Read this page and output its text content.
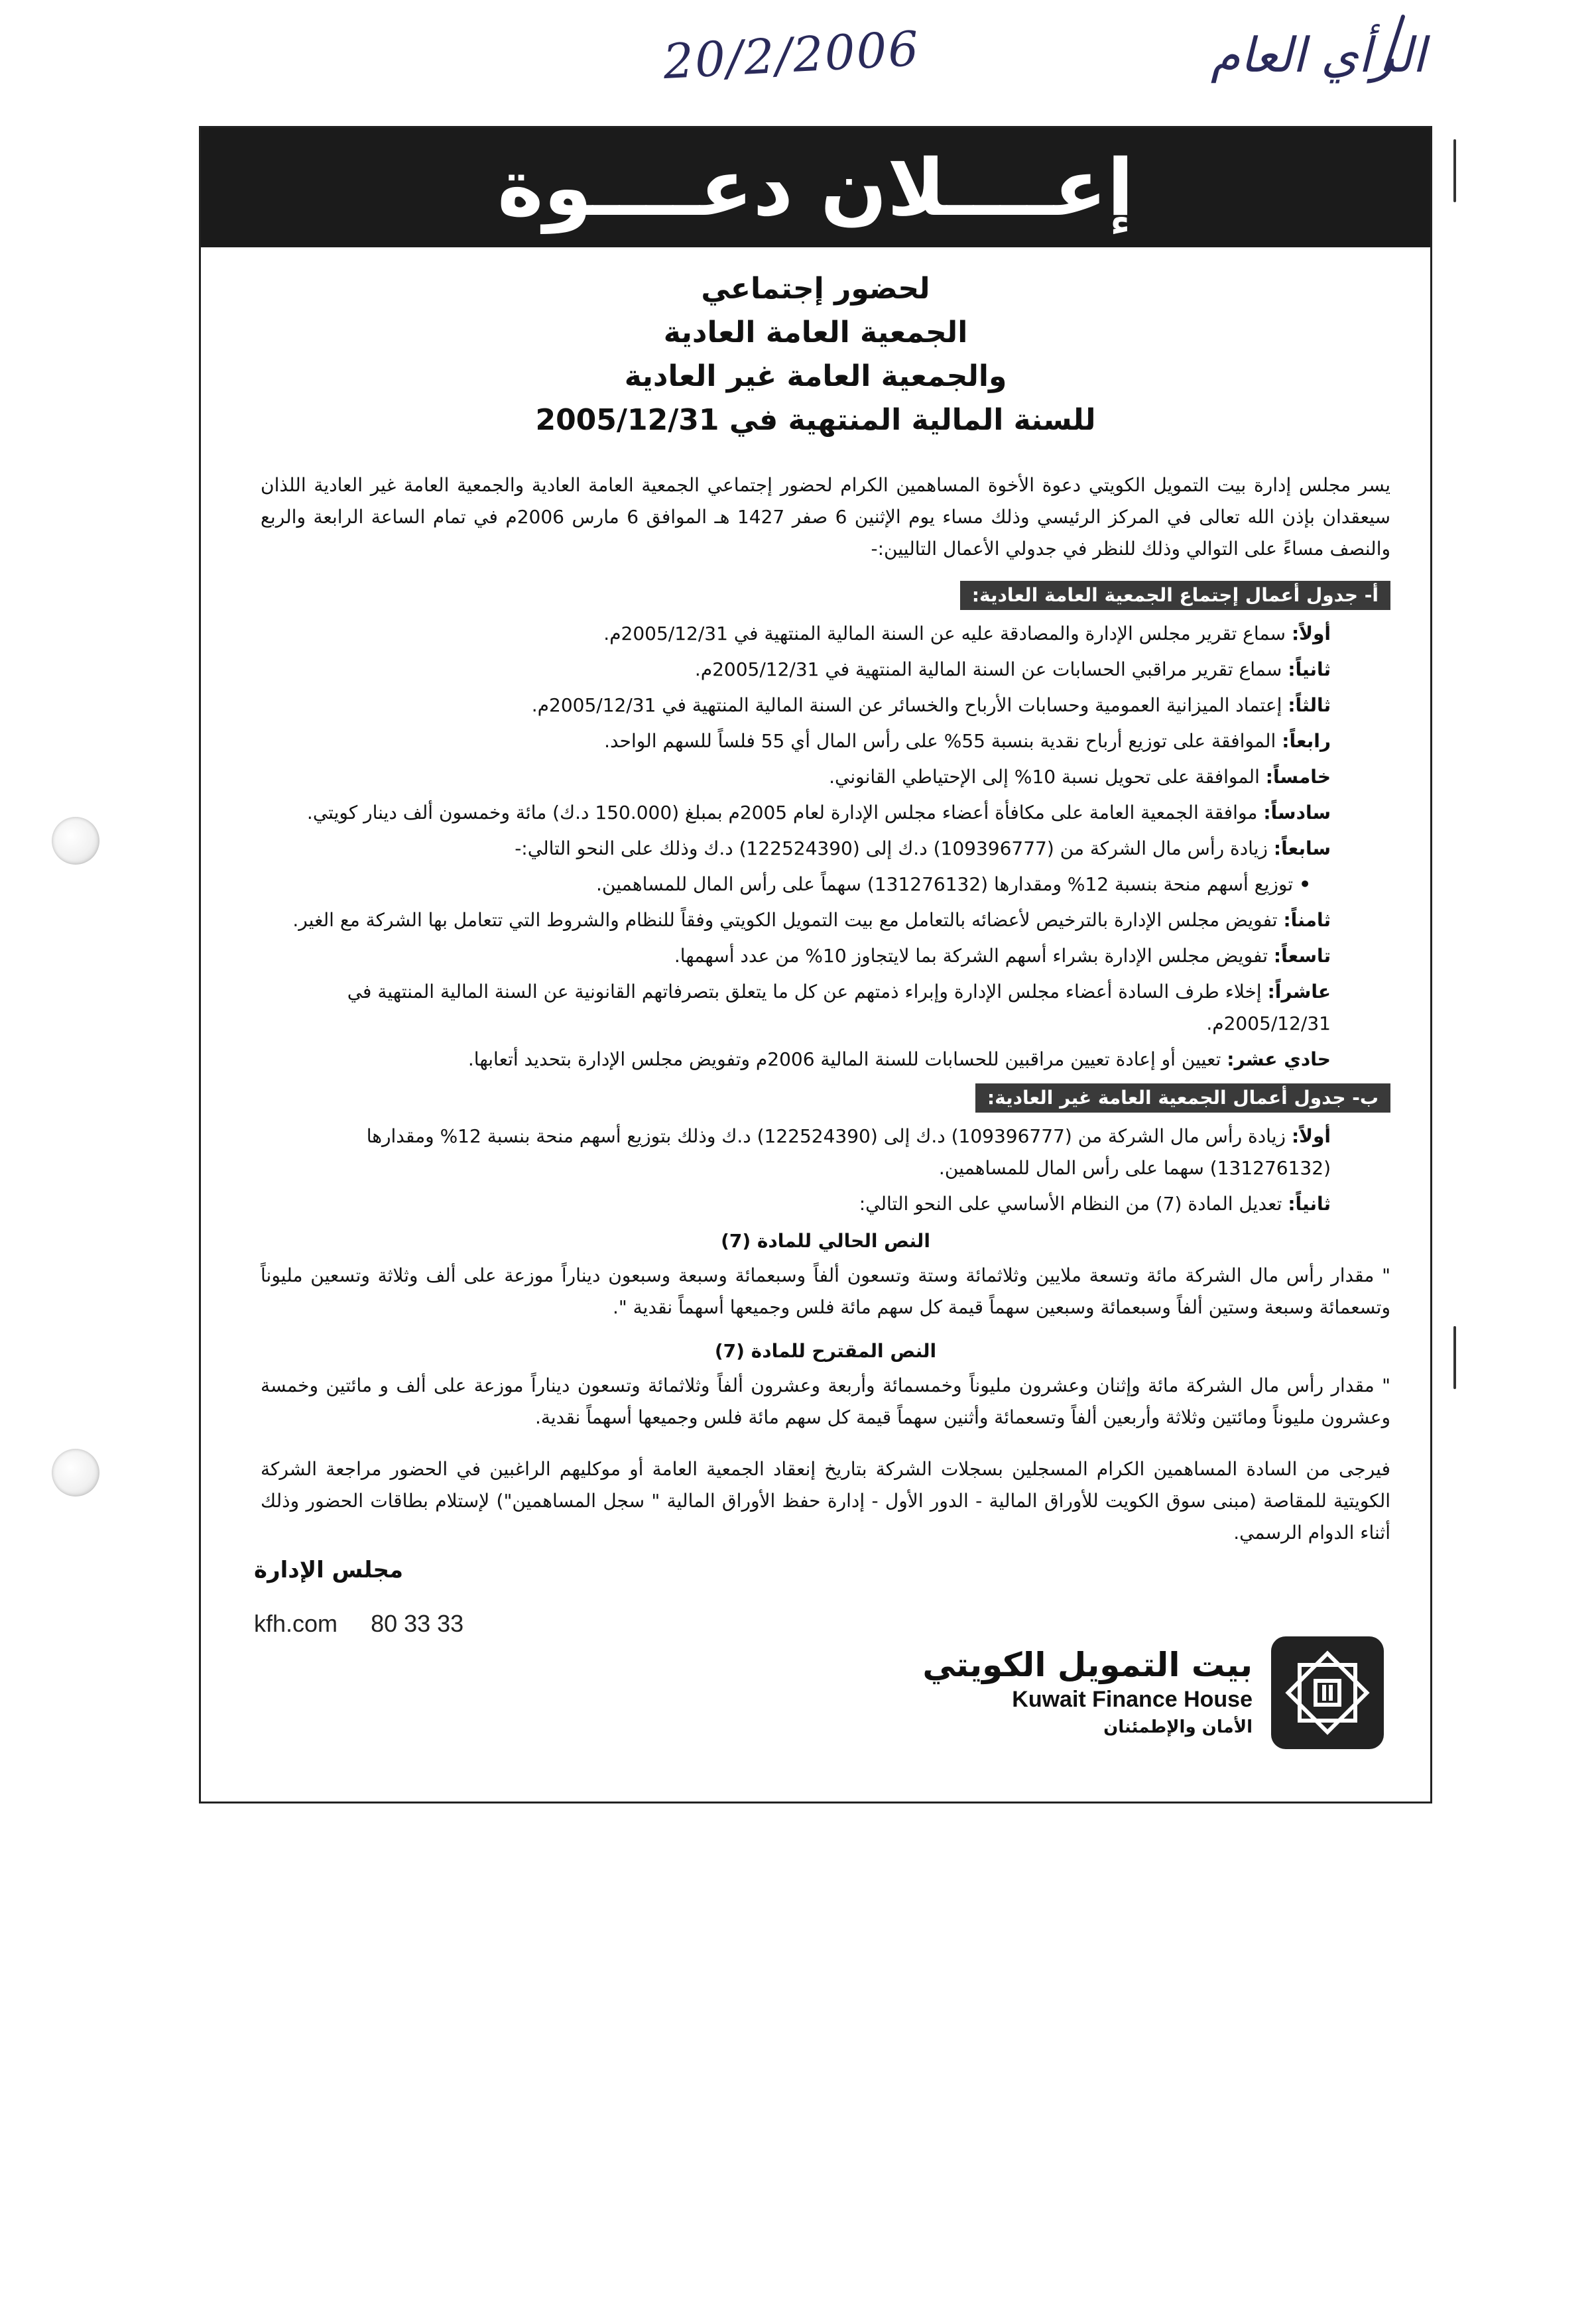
20/2/2006	الرأي العام
إعــــلان دعــــوة
لحضور إجتماعي
الجمعية العامة العادية
والجمعية العامة غير العادية
للسنة المالية المنتهية في 2005/12/31

يسر مجلس إدارة بيت التمويل الكويتي دعوة الأخوة المساهمين الكرام لحضور إجتماعي الجمعية العامة العادية والجمعية العامة غير العادية اللذان سيعقدان بإذن الله تعالى في المركز الرئيسي وذلك مساء يوم الإثنين 6 صفر 1427 هـ الموافق 6 مارس 2006م في تمام الساعة الرابعة والربع والنصف مساءً على التوالي وذلك للنظر في جدولي الأعمال التاليين:-

أ- جدول أعمال إجتماع الجمعية العامة العادية:
أولاً: سماع تقرير مجلس الإدارة والمصادقة عليه عن السنة المالية المنتهية في 2005/12/31م.
ثانياً: سماع تقرير مراقبي الحسابات عن السنة المالية المنتهية في 2005/12/31م.
ثالثاً: إعتماد الميزانية العمومية وحسابات الأرباح والخسائر عن السنة المالية المنتهية في 2005/12/31م.
رابعاً: الموافقة على توزيع أرباح نقدية بنسبة 55% على رأس المال أي 55 فلساً للسهم الواحد.
خامساً: الموافقة على تحويل نسبة 10% إلى الإحتياطي القانوني.
سادساً: موافقة الجمعية العامة على مكافأة أعضاء مجلس الإدارة لعام 2005م بمبلغ (150.000 د.ك) مائة وخمسون ألف دينار كويتي.
سابعاً: زيادة رأس مال الشركة من (109396777) د.ك إلى (122524390) د.ك وذلك على النحو التالي:-
• توزيع أسهم منحة بنسبة 12% ومقدارها (131276132) سهماً على رأس المال للمساهمين.
ثامناً: تفويض مجلس الإدارة بالترخيص لأعضائه بالتعامل مع بيت التمويل الكويتي وفقاً للنظام والشروط التي تتعامل بها الشركة مع الغير.
تاسعاً: تفويض مجلس الإدارة بشراء أسهم الشركة بما لايتجاوز 10% من عدد أسهمها.
عاشراً: إخلاء طرف السادة أعضاء مجلس الإدارة وإبراء ذمتهم عن كل ما يتعلق بتصرفاتهم القانونية عن السنة المالية المنتهية في 2005/12/31م.
حادي عشر: تعيين أو إعادة تعيين مراقبين للحسابات للسنة المالية 2006م وتفويض مجلس الإدارة بتحديد أتعابها.
ب- جدول أعمال الجمعية العامة غير العادية:
أولاً: زيادة رأس مال الشركة من (109396777) د.ك إلى (122524390) د.ك وذلك بتوزيع أسهم منحة بنسبة 12% ومقدارها (131276132) سهما على رأس المال للمساهمين.
ثانياً: تعديل المادة (7) من النظام الأساسي على النحو التالي:
النص الحالي للمادة (7)

" مقدار رأس مال الشركة مائة وتسعة ملايين وثلاثمائة وستة وتسعون ألفاً وسبعمائة وسبعة وسبعون ديناراً موزعة على ألف وثلاثة وتسعين مليوناً وتسعمائة وسبعة وستين ألفاً وسبعمائة وسبعين سهماً قيمة كل سهم مائة فلس وجميعها أسهماً نقدية ".

النص المقترح للمادة (7)

" مقدار رأس مال الشركة مائة وإثنان وعشرون مليوناً وخمسمائة وأربعة وعشرون ألفاً وثلاثمائة وتسعون ديناراً موزعة على ألف و مائتين وخمسة وعشرون مليوناً ومائتين وثلاثة وأربعين ألفاً وتسعمائة وأثنين سهماً قيمة كل سهم مائة فلس وجميعها أسهماً نقدية.

فيرجى من السادة المساهمين الكرام المسجلين بسجلات الشركة بتاريخ إنعقاد الجمعية العامة أو موكليهم الراغبين في الحضور مراجعة الشركة الكويتية للمقاصة (مبنى سوق الكويت للأوراق المالية - الدور الأول - إدارة حفظ الأوراق المالية " سجل المساهمين") لإستلام بطاقات الحضور وذلك أثناء الدوام الرسمي.

مجلس الإدارة
kfh.com 80 33 33
بيت التمويل الكويتي
Kuwait Finance House
الأمان والإطمئنان
